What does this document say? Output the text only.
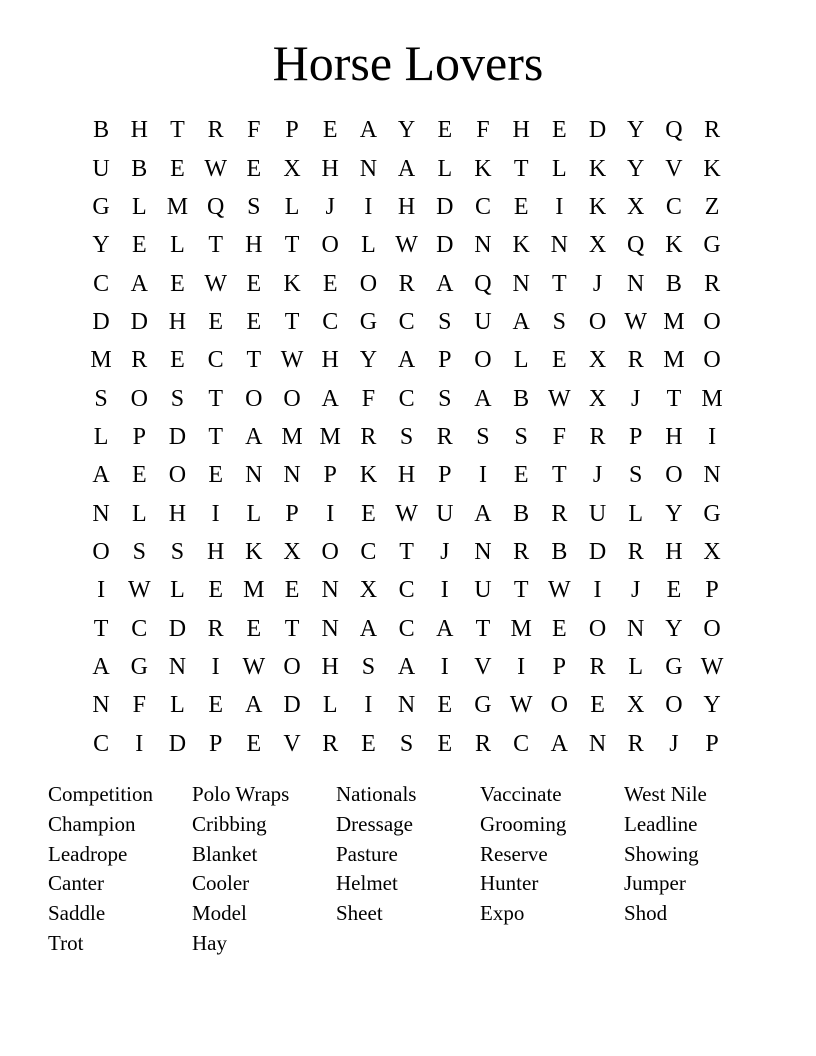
Horse Lovers
B H T R F	P	E A Y E	F H E D Y Q R
U B E W E X H N A L K T L K Y V K
G L M Q S	L	J	I	H D C E	I	K X C Z
Y E L T H T O L W D N K N X Q K G
C A E W E K E O R A Q N T	J	N B R
D D H E E T C G C S U A S O W M O
M R E C T W H Y A P O L E X R M O
S O S	T O O A F C S A B W X	J	T M
L	P D T A M M R S R S	S	F R P H	I
A E O E N N P K H P	I	E T	J	S O N
N L H	I	L	P	I	E W U A B R U L Y G
O S	S H K X O C T	J	N R B D R H X
I W L E M E N X C	I	U T W I	J	E	P
T C D R E T N A C A T M E O N Y O
A G N	I W O H S A	I	V	I	P R L G W
N F	L E A D L	I	N E G W O E X O Y
C	I	D P	E V R E	S	E R C A N R	J	P
Competition	Polo Wraps	Nationals	Vaccinate	West Nile
Champion	Cribbing	Dressage	Grooming	Leadline
Leadrope	Blanket	Pasture	Reserve	Showing
Canter	Cooler	Helmet	Hunter	Jumper
Saddle	Model	Sheet	Expo	Shod
Trot	Hay
